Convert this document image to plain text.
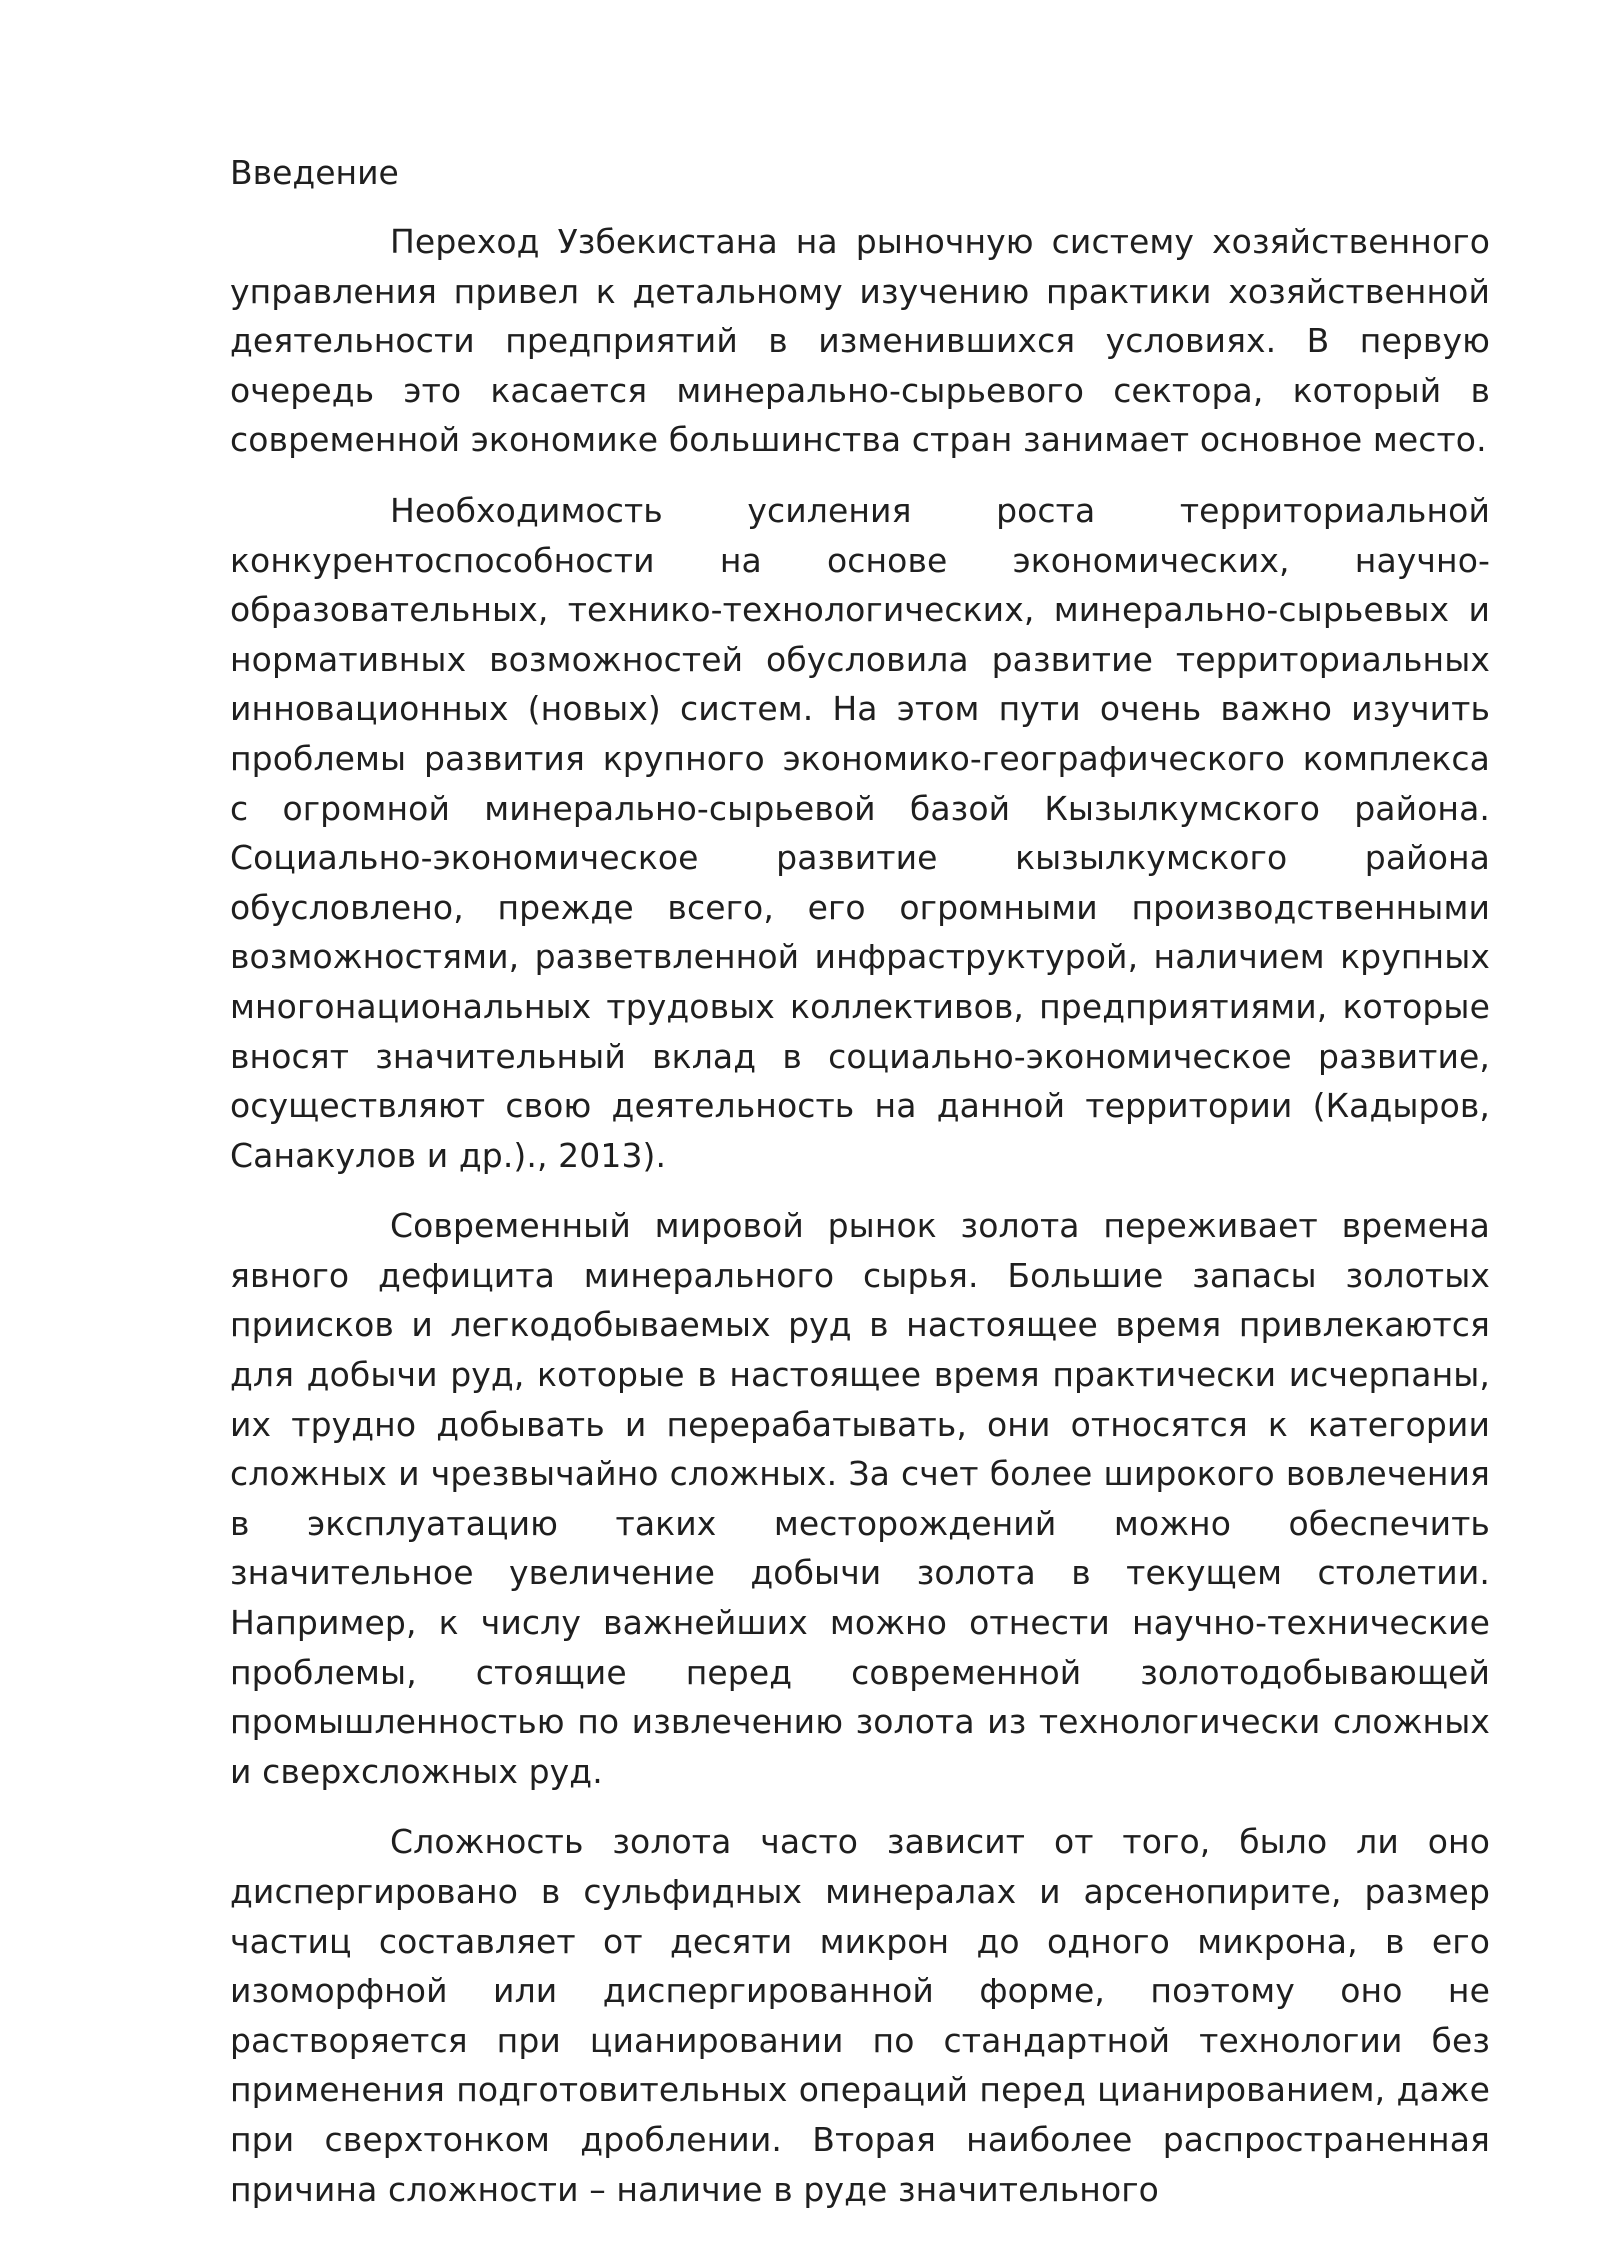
Введение

Переход Узбекистана на рыночную систему хозяйственного управления привел к детальному изучению практики хозяйственной деятельности предприятий в изменившихся условиях. В первую очередь это касается минерально-сырьевого сектора, который в современной экономике большинства стран занимает основное место.

Необходимость усиления роста территориальной конкурентоспособности на основе экономических, научно-образовательных, технико-технологических, минерально-сырьевых и нормативных возможностей обусловила развитие территориальных инновационных (новых) систем. На этом пути очень важно изучить проблемы развития крупного экономико-географического комплекса с огромной минерально-сырьевой базой Кызылкумского района. Социально-экономическое развитие кызылкумского района обусловлено, прежде всего, его огромными производственными возможностями, разветвленной инфраструктурой, наличием крупных многонациональных трудовых коллективов, предприятиями, которые вносят значительный вклад в социально-экономическое развитие, осуществляют свою деятельность на данной территории (Кадыров, Санакулов и др.)., 2013).

Современный мировой рынок золота переживает времена явного дефицита минерального сырья. Большие запасы золотых приисков и легкодобываемых руд в настоящее время привлекаются для добычи руд, которые в настоящее время практически исчерпаны, их трудно добывать и перерабатывать, они относятся к категории сложных и чрезвычайно сложных. За счет более широкого вовлечения в эксплуатацию таких месторождений можно обеспечить значительное увеличение добычи золота в текущем столетии. Например, к числу важнейших можно отнести научно-технические проблемы, стоящие перед современной золотодобывающей промышленностью по извлечению золота из технологически сложных и сверхсложных руд.

Сложность золота часто зависит от того, было ли оно диспергировано в сульфидных минералах и арсенопирите, размер частиц составляет от десяти микрон до одного микрона, в его изоморфной или диспергированной форме, поэтому оно не растворяется при цианировании по стандартной технологии без применения подготовительных операций перед цианированием, даже при сверхтонком дроблении. Вторая наиболее распространенная причина сложности – наличие в руде значительного
